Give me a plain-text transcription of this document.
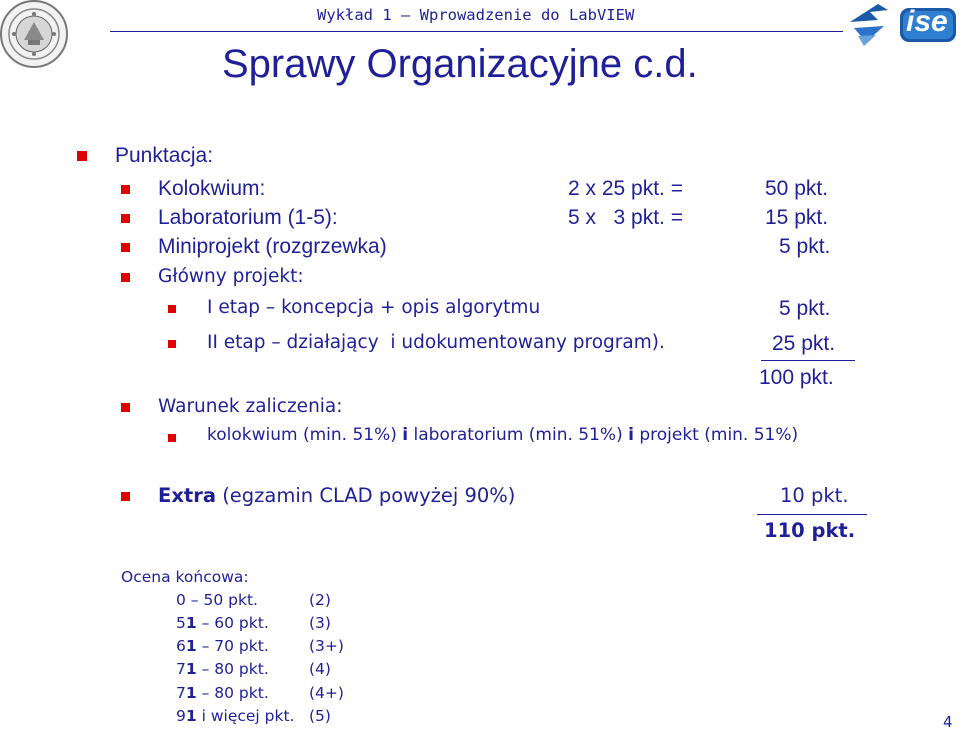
Wykład 1 – Wprowadzenie do LabVIEW	ise
Sprawy Organizacyjne c.d.
Punktacja:
Kolokwium:	2 x 25 pkt. =	50 pkt.
Laboratorium (1-5):	5 x   3 pkt. =	15 pkt.
Miniprojekt (rozgrzewka)	5 pkt.
Główny projekt:
I etap – koncepcja + opis algorytmu	5 pkt.
II etap – działający  i udokumentowany program).	25 pkt.
100 pkt.
Warunek zaliczenia:
kolokwium (min. 51%) i laboratorium (min. 51%) i projekt (min. 51%)
Extra (egzamin CLAD powyżej 90%)	10 pkt.
110 pkt.
Ocena końcowa:
0 – 50 pkt.	(2)
51 – 60 pkt.	(3)
61 – 70 pkt.	(3+)
71 – 80 pkt.	(4)
71 – 80 pkt.	(4+)
91 i więcej pkt. (5)	4
